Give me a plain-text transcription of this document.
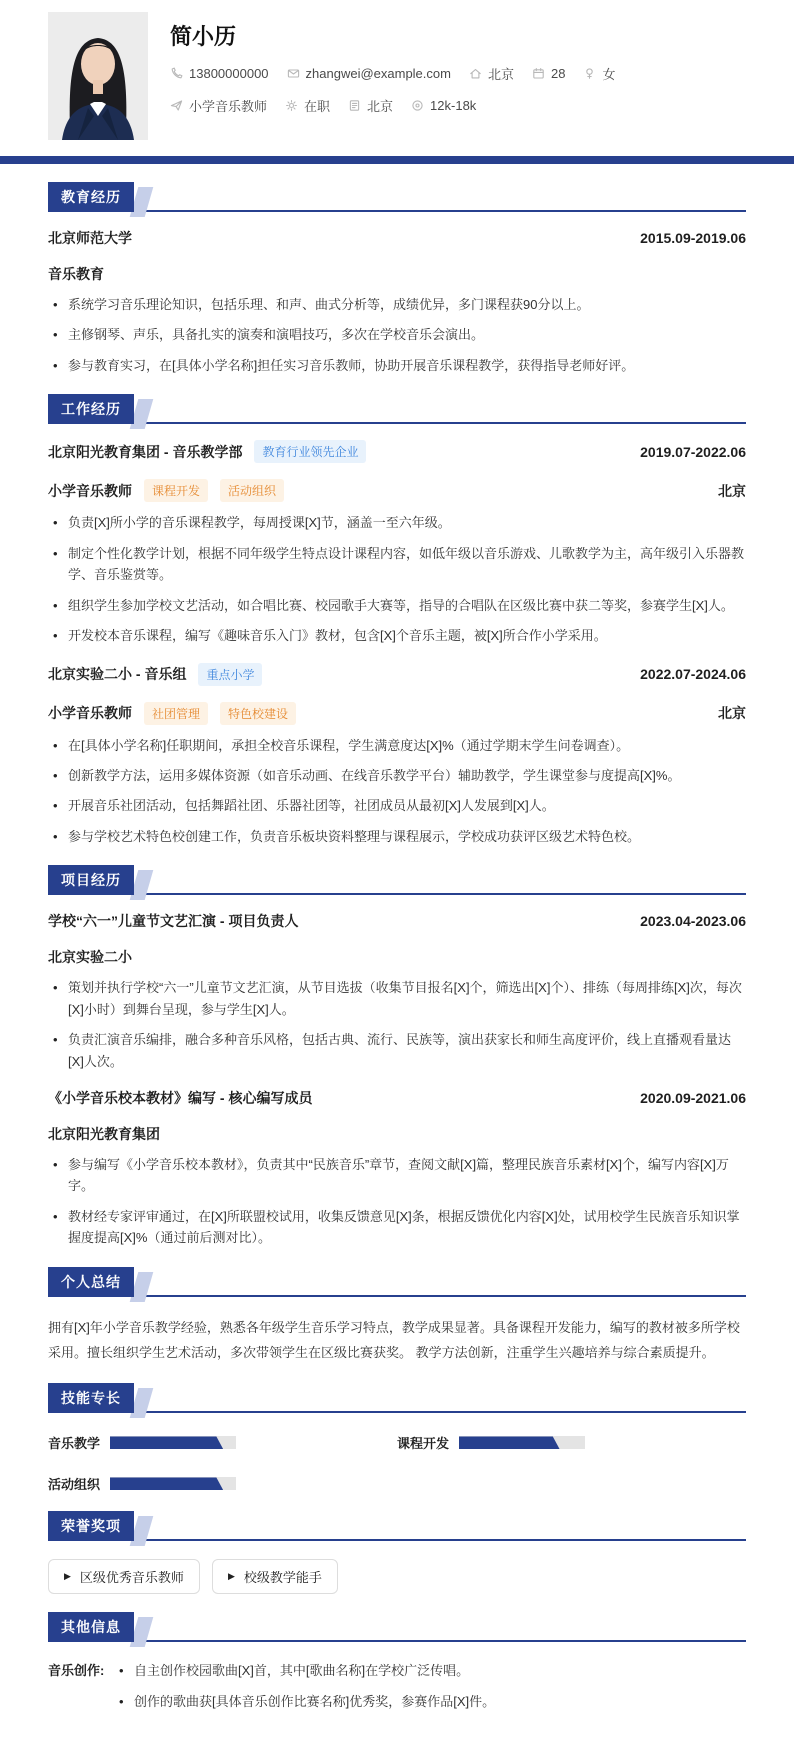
简小历
13800000000	zhangwei@example.com	北京	28	女
小学音乐教师	在职	北京	12k-18k
教育经历
北京师范大学	2015.09-2019.06
音乐教育
• 系统学习音乐理论知识，包括乐理、和声、曲式分析等，成绩优异，多门课程获90分以上。
• 主修钢琴、声乐，具备扎实的演奏和演唱技巧，多次在学校音乐会演出。
• 参与教育实习，在[具体小学名称]担任实习音乐教师，协助开展音乐课程教学，获得指导老师好评。
工作经历
北京阳光教育集团 - 音乐教学部	教育行业领先企业	2019.07-2022.06
小学音乐教师	课程开发	活动组织	北京
• 负责[X]所小学的音乐课程教学，每周授课[X]节，涵盖一至六年级。
• 制定个性化教学计划，根据不同年级学生特点设计课程内容，如低年级以音乐游戏、儿歌教学为主，高年级引入乐器教学、音乐鉴赏等。
• 组织学生参加学校文艺活动，如合唱比赛、校园歌手大赛等，指导的合唱队在区级比赛中获二等奖，参赛学生[X]人。
• 开发校本音乐课程，编写《趣味音乐入门》教材，包含[X]个音乐主题，被[X]所合作小学采用。
北京实验二小 - 音乐组	重点小学	2022.07-2024.06
小学音乐教师	社团管理	特色校建设	北京
• 在[具体小学名称]任职期间，承担全校音乐课程，学生满意度达[X]%（通过学期末学生问卷调查）。
• 创新教学方法，运用多媒体资源（如音乐动画、在线音乐教学平台）辅助教学，学生课堂参与度提高[X]%。
• 开展音乐社团活动，包括舞蹈社团、乐器社团等，社团成员从最初[X]人发展到[X]人。
• 参与学校艺术特色校创建工作，负责音乐板块资料整理与课程展示，学校成功获评区级艺术特色校。
项目经历
学校“六一”儿童节文艺汇演 - 项目负责人	2023.04-2023.06
北京实验二小
• 策划并执行学校“六一”儿童节文艺汇演，从节目选拔（收集节目报名[X]个，筛选出[X]个）、排练（每周排练[X]次，每次[X]小时）到舞台呈现，参与学生[X]人。
• 负责汇演音乐编排，融合多种音乐风格，包括古典、流行、民族等，演出获家长和师生高度评价，线上直播观看量达[X]人次。
《小学音乐校本教材》编写 - 核心编写成员	2020.09-2021.06
北京阳光教育集团
• 参与编写《小学音乐校本教材》，负责其中“民族音乐”章节，查阅文献[X]篇，整理民族音乐素材[X]个，编写内容[X]万字。
• 教材经专家评审通过，在[X]所联盟校试用，收集反馈意见[X]条，根据反馈优化内容[X]处，试用校学生民族音乐知识掌握度提高[X]%（通过前后测对比）。
个人总结
拥有[X]年小学音乐教学经验，熟悉各年级学生音乐学习特点，教学成果显著。具备课程开发能力，编写的教材被多所学校采用。擅长组织学生艺术活动，多次带领学生在区级比赛获奖。 教学方法创新，注重学生兴趣培养与综合素质提升。
技能专长
音乐教学	课程开发
活动组织
荣誉奖项
▶ 区级优秀音乐教师	▶ 校级教学能手
其他信息
音乐创作:	• 自主创作校园歌曲[X]首，其中[歌曲名称]在学校广泛传唱。
• 创作的歌曲获[具体音乐创作比赛名称]优秀奖，参赛作品[X]件。
